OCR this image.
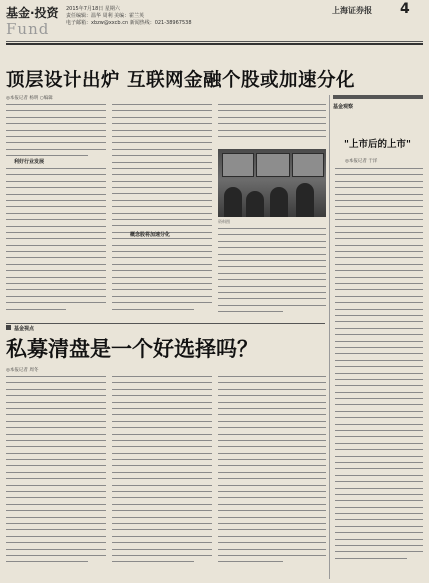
基金·投资
Fund
2015年7月18日 星期六
责任编辑：温华 周利 美编：霍兰英
电子邮箱：xbzw@xxcb.cn 新闻热线：021-38967538
上海证券报 4
顶层设计出炉 互联网金融个股或加速分化
◎本报记者 杨明 ○编辑
利好行业发展
资料图
概念股将加速分化
基金视点
私募清盘是一个好选择吗？
◎本报记者 周冬
基金观察
"上市后的上市"
◎本报记者 于洋
